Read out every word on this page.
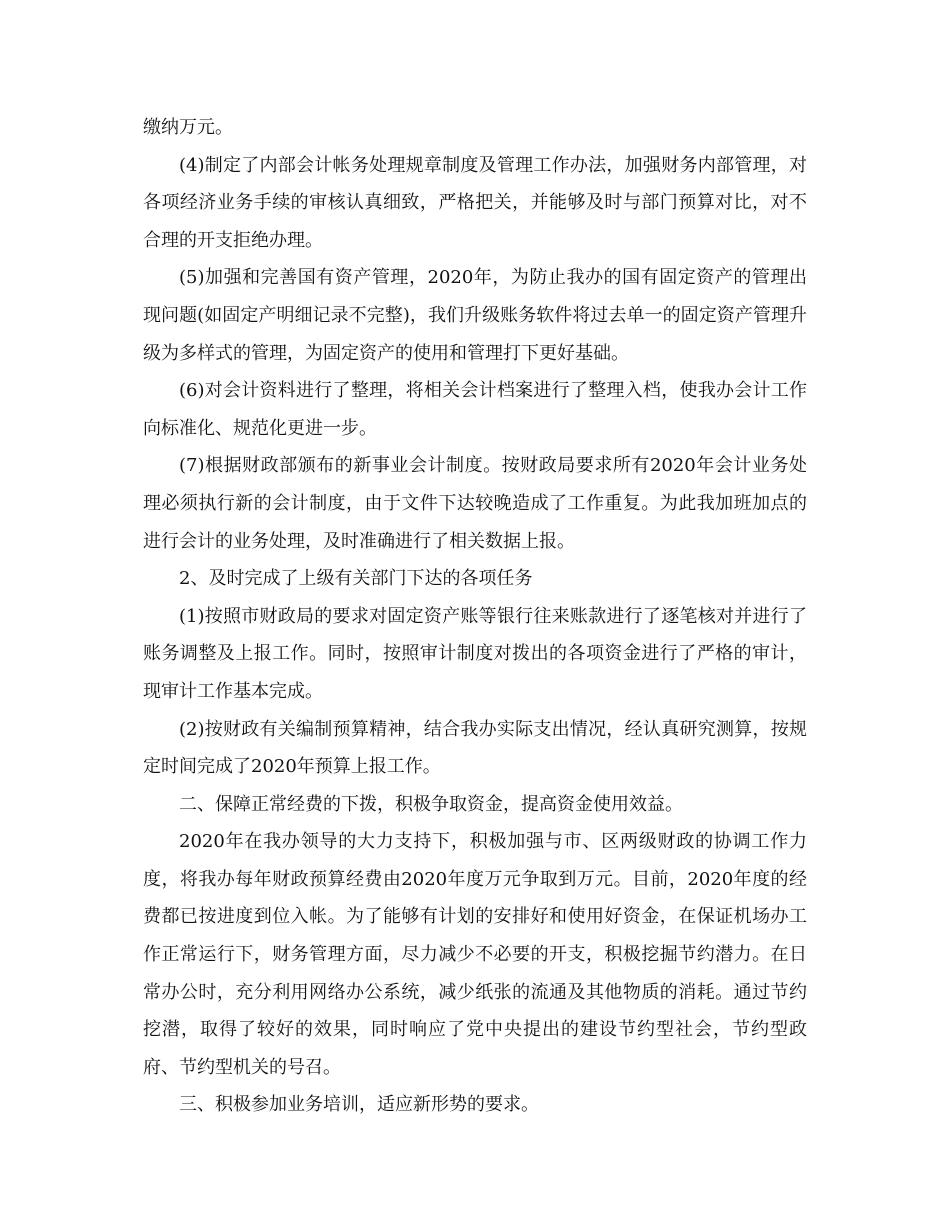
缴纳万元。

(4)制定了内部会计帐务处理规章制度及管理工作办法，加强财务内部管理，对各项经济业务手续的审核认真细致，严格把关，并能够及时与部门预算对比，对不合理的开支拒绝办理。

(5)加强和完善国有资产管理，2020年，为防止我办的国有固定资产的管理出现问题(如固定产明细记录不完整)，我们升级账务软件将过去单一的固定资产管理升级为多样式的管理，为固定资产的使用和管理打下更好基础。

(6)对会计资料进行了整理，将相关会计档案进行了整理入档，使我办会计工作向标准化、规范化更进一步。

(7)根据财政部颁布的新事业会计制度。按财政局要求所有2020年会计业务处理必须执行新的会计制度，由于文件下达较晚造成了工作重复。为此我加班加点的进行会计的业务处理，及时准确进行了相关数据上报。

2、及时完成了上级有关部门下达的各项任务

(1)按照市财政局的要求对固定资产账等银行往来账款进行了逐笔核对并进行了账务调整及上报工作。同时，按照审计制度对拨出的各项资金进行了严格的审计，现审计工作基本完成。

(2)按财政有关编制预算精神，结合我办实际支出情况，经认真研究测算，按规定时间完成了2020年预算上报工作。

二、保障正常经费的下拨，积极争取资金，提高资金使用效益。

2020年在我办领导的大力支持下，积极加强与市、区两级财政的协调工作力度，将我办每年财政预算经费由2020年度万元争取到万元。目前，2020年度的经费都已按进度到位入帐。为了能够有计划的安排好和使用好资金，在保证机场办工作正常运行下，财务管理方面，尽力减少不必要的开支，积极挖掘节约潜力。在日常办公时，充分利用网络办公系统，减少纸张的流通及其他物质的消耗。通过节约挖潜，取得了较好的效果，同时响应了党中央提出的建设节约型社会，节约型政府、节约型机关的号召。

三、积极参加业务培训，适应新形势的要求。
